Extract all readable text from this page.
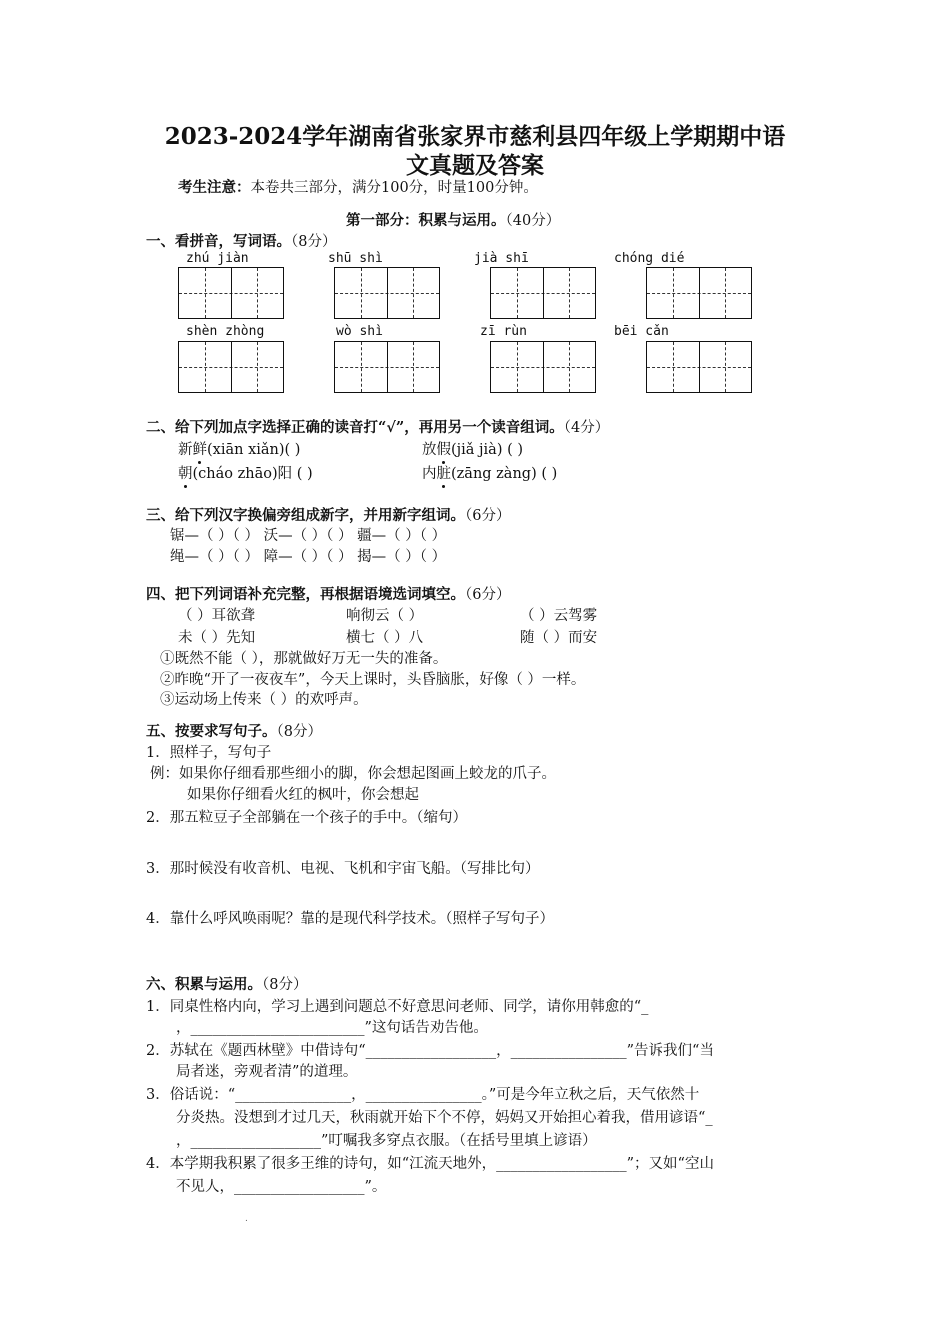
2023-2024学年湖南省张家界市慈利县四年级上学期期中语
文真题及答案
考生注意：本卷共三部分，满分100分，时量100分钟。
第一部分：积累与运用。（40分）
一、看拼音，写词语。（8分）
zhú jiàn	shū shì	jià shī	chóng dié
shèn zhòng	wò shì	zī rùn	bēi cǎn
二、给下列加点字选择正确的读音打“√”，再用另一个读音组词。（4分）
新鲜(xiān xiǎn)( )	放假(jiǎ jià) ( )
朝(cháo zhāo)阳 ( )	内脏(zāng zàng) ( )
三、给下列汉字换偏旁组成新字，并用新字组词。（6分）
锯—（ ）（ ） 沃—（ ）（ ） 疆—（ ）（ ）
绳—（ ）（ ） 障—（ ）（ ） 揭—（ ）（ ）
四、把下列词语补充完整，再根据语境选词填空。（6分）
（ ）耳欲聋	响彻云（ ）	（ ）云驾雾
未（ ）先知	横七（ ）八	随（ ）而安
①既然不能（ ），那就做好万无一失的准备。
②昨晚“开了一夜夜车”，今天上课时，头昏脑胀，好像（ ）一样。
③运动场上传来（ ）的欢呼声。
五、按要求写句子。（8分）
1．照样子，写句子
例：如果你仔细看那些细小的脚，你会想起图画上蛟龙的爪子。
如果你仔细看火红的枫叶，你会想起
2．那五粒豆子全部躺在一个孩子的手中。（缩句）
3．那时候没有收音机、电视、飞机和宇宙飞船。（写排比句）
4．靠什么呼风唤雨呢？靠的是现代科学技术。（照样子写句子）
六、积累与运用。（8分）
1．同桌性格内向，学习上遇到问题总不好意思问老师、同学，请你用韩愈的“_
，________________________”这句话告劝告他。
2．苏轼在《题西林壁》中借诗句“__________________，________________”告诉我们“当
局者迷，旁观者清”的道理。
3．俗话说：“________________，________________。”可是今年立秋之后，天气依然十
分炎热。没想到才过几天，秋雨就开始下个不停，妈妈又开始担心着我，借用谚语“_
，__________________”叮嘱我多穿点衣服。（在括号里填上谚语）
4．本学期我积累了很多王维的诗句，如“江流天地外，__________________”；又如“空山
不见人，__________________”。
.
